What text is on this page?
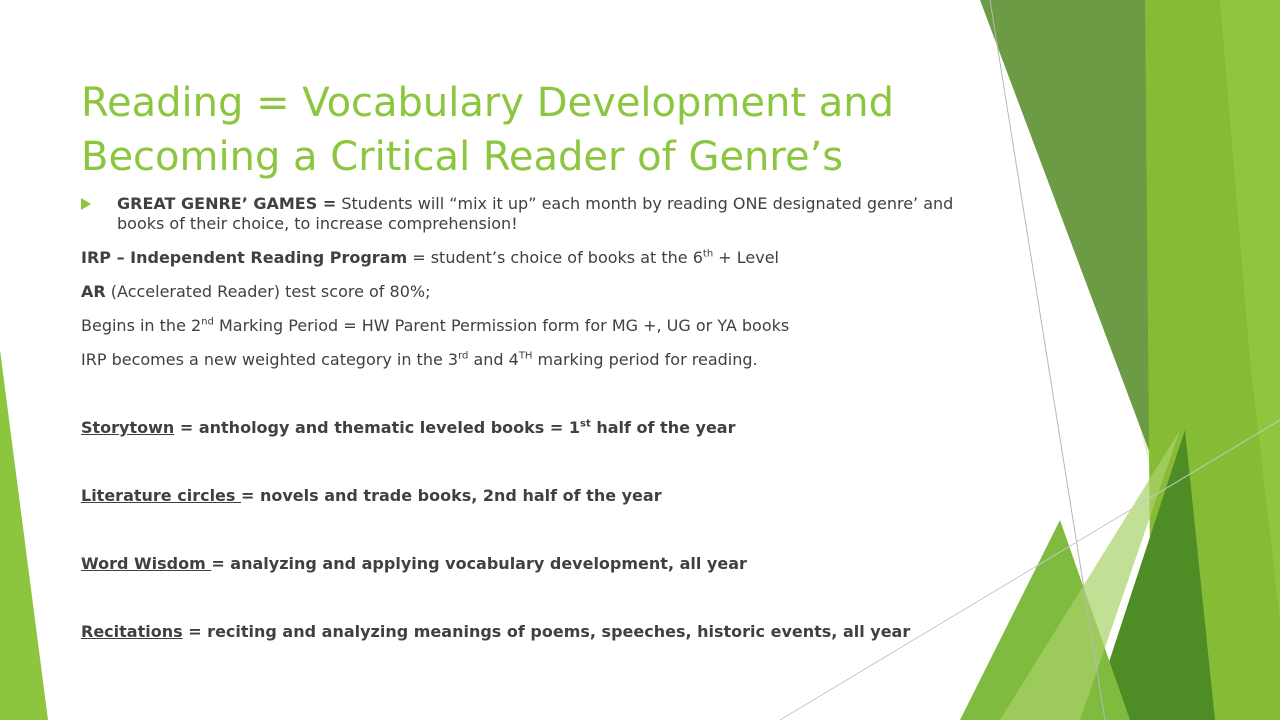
Reading = Vocabulary Development and Becoming a Critical Reader of Genre’s
GREAT GENRE’ GAMES = Students will “mix it up” each month by reading ONE designated genre’ and books of their choice, to increase comprehension!
IRP – Independent Reading Program = student’s choice of books at the 6th + Level
AR (Accelerated Reader) test score of 80%;
Begins in the 2nd Marking Period = HW Parent Permission form for MG +, UG or YA books
IRP becomes a new weighted category in the 3rd and 4TH marking period for reading.
Storytown = anthology and thematic leveled books = 1st half of the year
Literature circles = novels and trade books, 2nd half of the year
Word Wisdom = analyzing and applying vocabulary development, all year
Recitations = reciting and analyzing meanings of poems, speeches, historic events, all year
